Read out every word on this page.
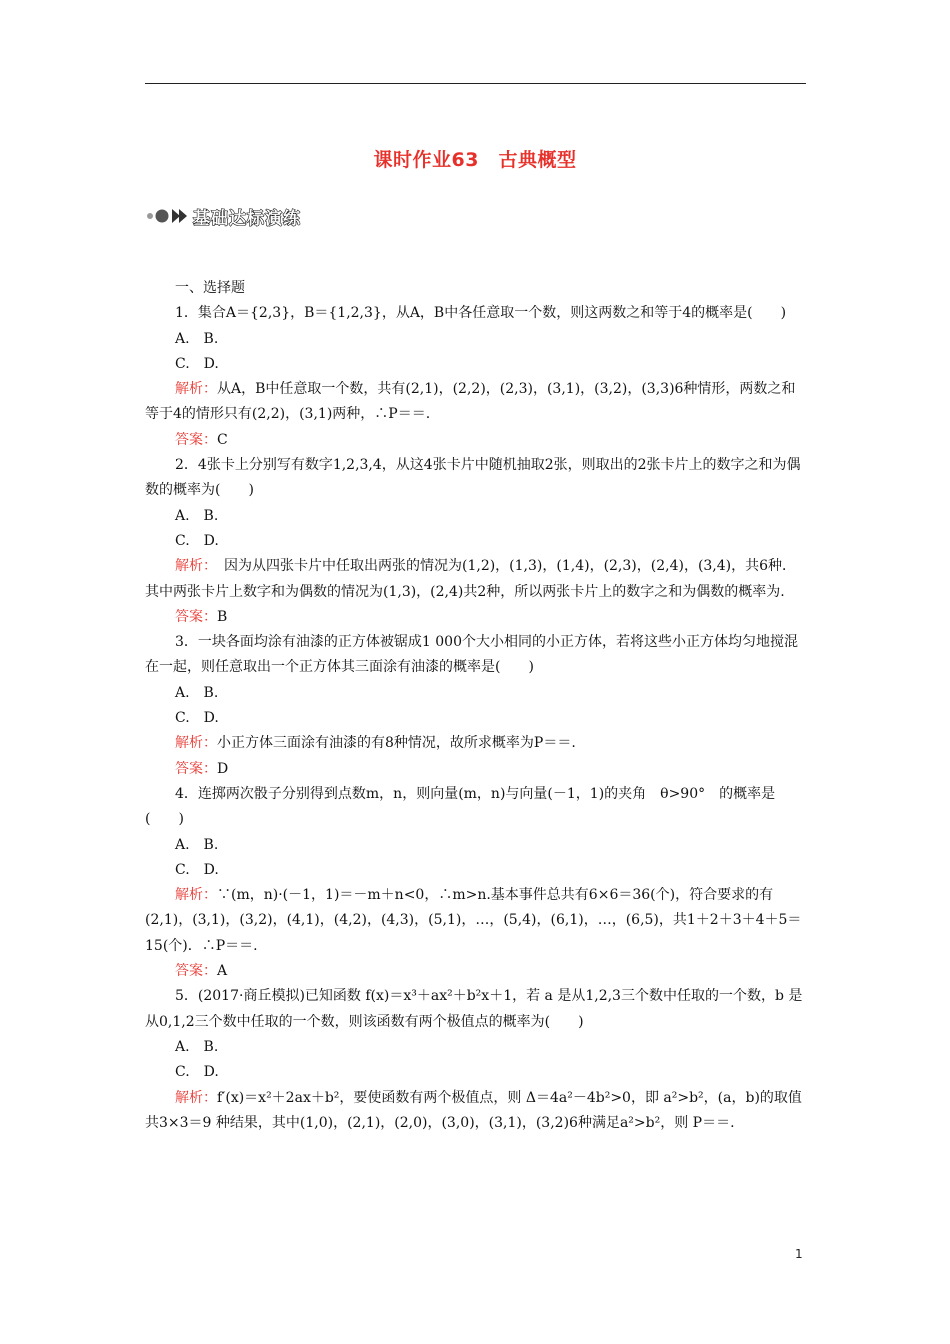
课时作业63　古典概型
基础达标演练

一、选择题

1．集合A＝{2,3}，B＝{1,2,3}，从A，B中各任意取一个数，则这两数之和等于4的概率是(　　)

A.　B.

C.　D.

解析：从A，B中任意取一个数，共有(2,1)，(2,2)，(2,3)，(3,1)，(3,2)，(3,3)6种情形，两数之和等于4的情形只有(2,2)，(3,1)两种，∴P＝＝.

答案：C

2．4张卡上分别写有数字1,2,3,4，从这4张卡片中随机抽取2张，则取出的2张卡片上的数字之和为偶数的概率为(　　)

A.　B.

C.　D.

解析：　因为从四张卡片中任取出两张的情况为(1,2)，(1,3)，(1,4)，(2,3)，(2,4)，(3,4)，共6种．其中两张卡片上数字和为偶数的情况为(1,3)，(2,4)共2种，所以两张卡片上的数字之和为偶数的概率为.

答案：B

3．一块各面均涂有油漆的正方体被锯成1 000个大小相同的小正方体，若将这些小正方体均匀地搅混在一起，则任意取出一个正方体其三面涂有油漆的概率是(　　)

A.　B.

C.　D.

解析：小正方体三面涂有油漆的有8种情况，故所求概率为P＝＝.

答案：D

4．连掷两次骰子分别得到点数m，n，则向量(m，n)与向量(－1，1)的夹角　θ>90°　的概率是(　　)

A.　B.

C.　D.

解析：∵(m，n)·(－1，1)＝－m＋n<0，∴m>n.基本事件总共有6×6＝36(个)，符合要求的有(2,1)，(3,1)，(3,2)，(4,1)，(4,2)，(4,3)，(5,1)，…，(5,4)，(6,1)，…，(6,5)，共1＋2＋3＋4＋5＝15(个)．∴P＝＝.

答案：A

5．(2017·商丘模拟)已知函数 f(x)＝x³＋ax²＋b²x＋1，若 a 是从1,2,3三个数中任取的一个数，b 是从0,1,2三个数中任取的一个数，则该函数有两个极值点的概率为(　　)

A.　B.

C.　D.

解析：f′(x)＝x²＋2ax＋b²，要使函数有两个极值点，则 Δ＝4a²－4b²>0，即 a²>b²，(a，b)的取值共3×3＝9 种结果，其中(1,0)，(2,1)，(2,0)，(3,0)，(3,1)，(3,2)6种满足a²>b²，则 P＝＝.

1
